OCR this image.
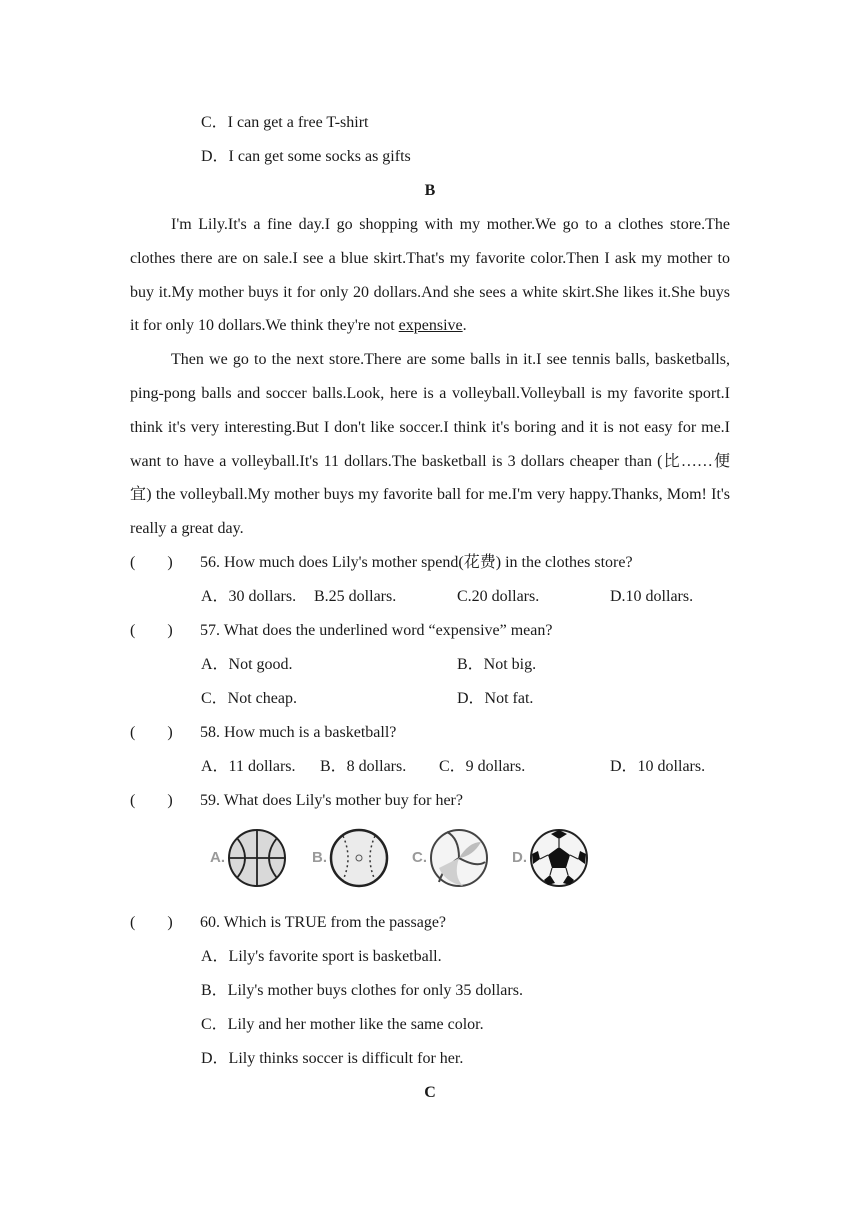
C．I can get a free T-shirt
D．I can get some socks as gifts
B

I'm Lily.It's a fine day.I go shopping with my mother.We go to a clothes store.The clothes there are on sale.I see a blue skirt.That's my favorite color.Then I ask my mother to buy it.My mother buys it for only 20 dollars.And she sees a white skirt.She likes it.She buys it for only 10 dollars.We think they're not expensive.

Then we go to the next store.There are some balls in it.I see tennis balls, basketballs, ping-pong balls and soccer balls.Look, here is a volleyball.Volleyball is my favorite sport.I think it's very interesting.But I don't like soccer.I think it's boring and it is not easy for me.I want to have a volleyball.It's 11 dollars.The basketball is 3 dollars cheaper than (比……便宜) the volleyball.My mother buys my favorite ball for me.I'm very happy.Thanks, Mom! It's really a great day.

(　　)	56. How much does Lily's mother spend(花费) in the clothes store?
A．30 dollars.	B.25 dollars.	C.20 dollars.	D.10 dollars.
(　　)	57. What does the underlined word “expensive” mean?
A．Not good.	B．Not big.
C．Not cheap.	D．Not fat.
(　　)	58. How much is a basketball?
A．11 dollars.	B．8 dollars.	C．9 dollars.	D．10 dollars.
(　　)	59. What does Lily's mother buy for her?
A.	B.	C.	D.
(　　)	60. Which is TRUE from the passage?
A．Lily's favorite sport is basketball.
B．Lily's mother buys clothes for only 35 dollars.
C．Lily and her mother like the same color.
D．Lily thinks soccer is difficult for her.
C
